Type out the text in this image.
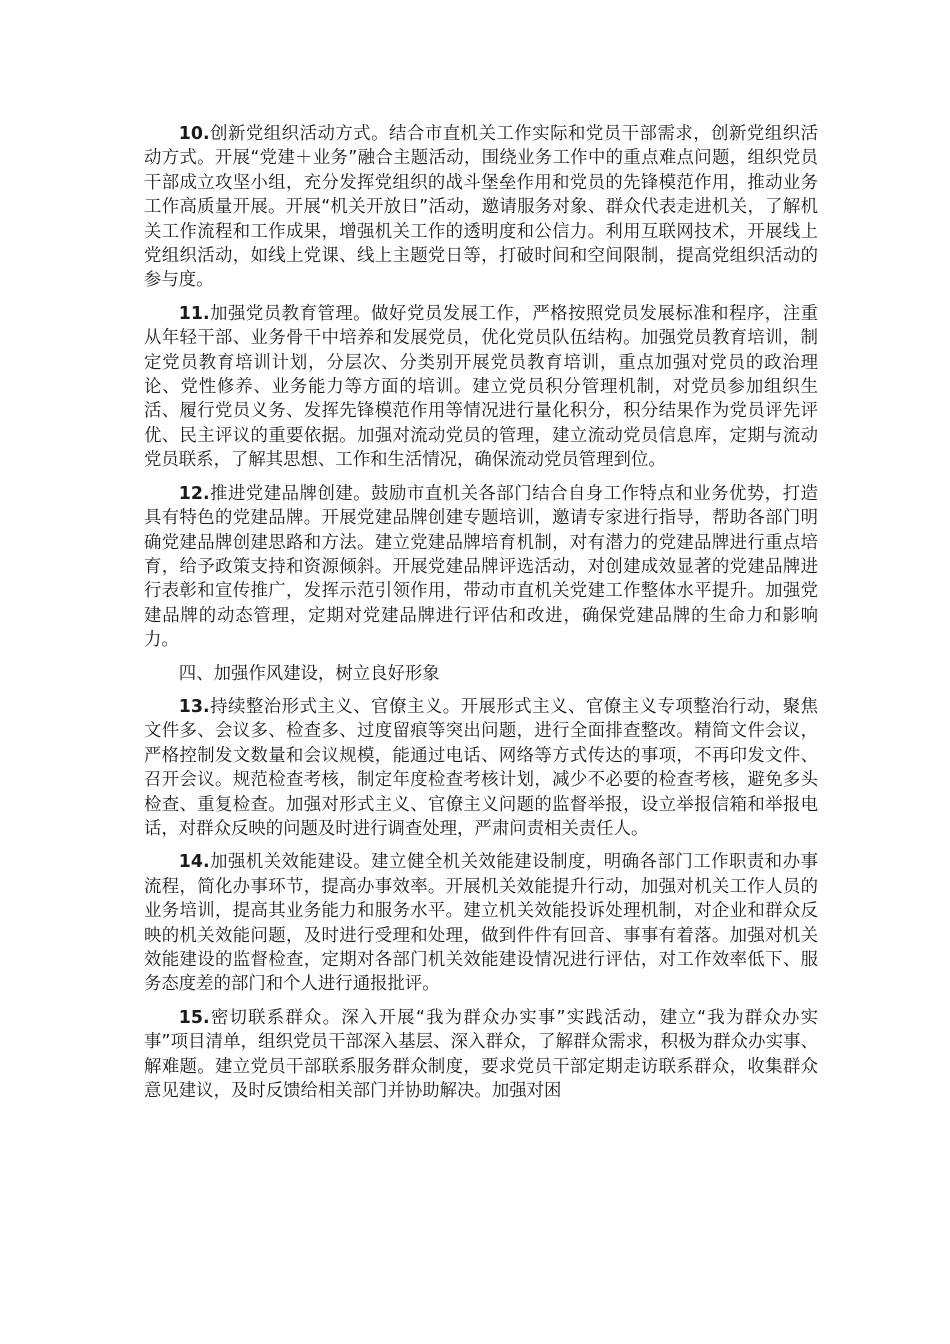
10.创新党组织活动方式。结合市直机关工作实际和党员干部需求，创新党组织活动方式。开展“党建＋业务”融合主题活动，围绕业务工作中的重点难点问题，组织党员干部成立攻坚小组，充分发挥党组织的战斗堡垒作用和党员的先锋模范作用，推动业务工作高质量开展。开展“机关开放日”活动，邀请服务对象、群众代表走进机关，了解机关工作流程和工作成果，增强机关工作的透明度和公信力。利用互联网技术，开展线上党组织活动，如线上党课、线上主题党日等，打破时间和空间限制，提高党组织活动的参与度。

11.加强党员教育管理。做好党员发展工作，严格按照党员发展标准和程序，注重从年轻干部、业务骨干中培养和发展党员，优化党员队伍结构。加强党员教育培训，制定党员教育培训计划，分层次、分类别开展党员教育培训，重点加强对党员的政治理论、党性修养、业务能力等方面的培训。建立党员积分管理机制，对党员参加组织生活、履行党员义务、发挥先锋模范作用等情况进行量化积分，积分结果作为党员评先评优、民主评议的重要依据。加强对流动党员的管理，建立流动党员信息库，定期与流动党员联系，了解其思想、工作和生活情况，确保流动党员管理到位。

12.推进党建品牌创建。鼓励市直机关各部门结合自身工作特点和业务优势，打造具有特色的党建品牌。开展党建品牌创建专题培训，邀请专家进行指导，帮助各部门明确党建品牌创建思路和方法。建立党建品牌培育机制，对有潜力的党建品牌进行重点培育，给予政策支持和资源倾斜。开展党建品牌评选活动，对创建成效显著的党建品牌进行表彰和宣传推广，发挥示范引领作用，带动市直机关党建工作整体水平提升。加强党建品牌的动态管理，定期对党建品牌进行评估和改进，确保党建品牌的生命力和影响力。

四、加强作风建设，树立良好形象

13.持续整治形式主义、官僚主义。开展形式主义、官僚主义专项整治行动，聚焦文件多、会议多、检查多、过度留痕等突出问题，进行全面排查整改。精简文件会议，严格控制发文数量和会议规模，能通过电话、网络等方式传达的事项，不再印发文件、召开会议。规范检查考核，制定年度检查考核计划，减少不必要的检查考核，避免多头检查、重复检查。加强对形式主义、官僚主义问题的监督举报，设立举报信箱和举报电话，对群众反映的问题及时进行调查处理，严肃问责相关责任人。

14.加强机关效能建设。建立健全机关效能建设制度，明确各部门工作职责和办事流程，简化办事环节，提高办事效率。开展机关效能提升行动，加强对机关工作人员的业务培训，提高其业务能力和服务水平。建立机关效能投诉处理机制，对企业和群众反映的机关效能问题，及时进行受理和处理，做到件件有回音、事事有着落。加强对机关效能建设的监督检查，定期对各部门机关效能建设情况进行评估，对工作效率低下、服务态度差的部门和个人进行通报批评。

15.密切联系群众。深入开展“我为群众办实事”实践活动，建立“我为群众办实事”项目清单，组织党员干部深入基层、深入群众，了解群众需求，积极为群众办实事、解难题。建立党员干部联系服务群众制度，要求党员干部定期走访联系群众，收集群众意见建议，及时反馈给相关部门并协助解决。加强对困
